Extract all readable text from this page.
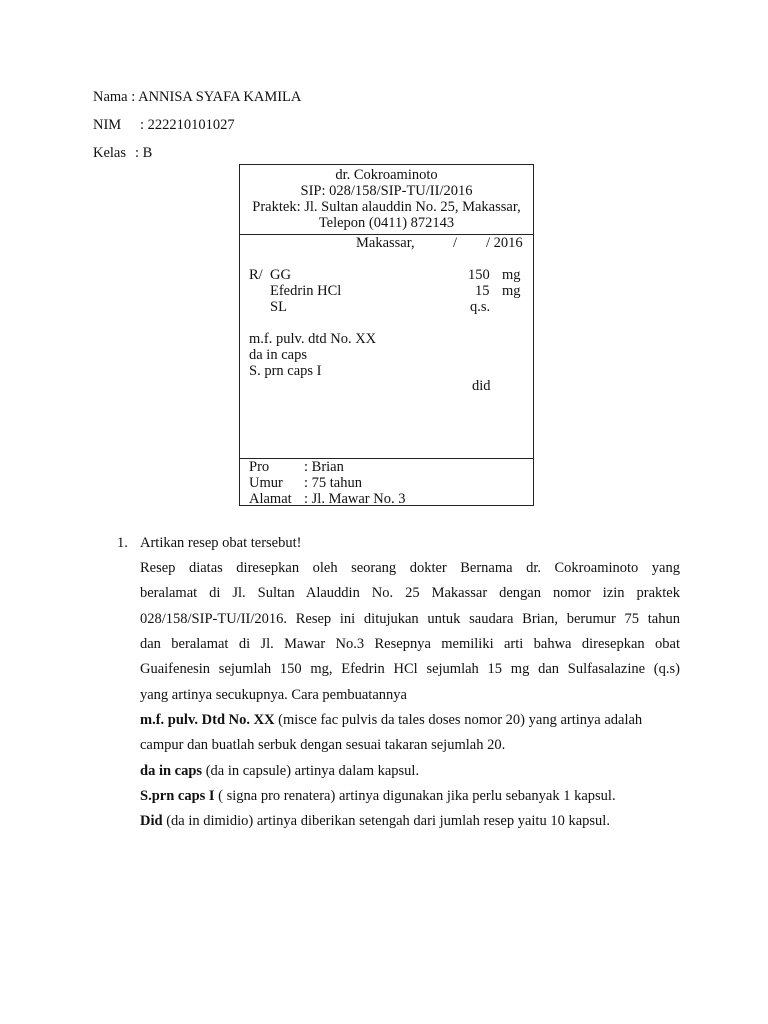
Nama : ANNISA SYAFA KAMILA
NIM : 222210101027
Kelas : B
dr. Cokroaminoto
SIP: 028/158/SIP-TU/II/2016
Praktek: Jl. Sultan alauddin No. 25, Makassar,
Telepon (0411) 872143
Makassar,	/ / 2016
R/ GG	150 mg
Efedrin HCl	15 mg
SL	q.s.
m.f. pulv. dtd No. XX
da in caps
S. prn caps I
did
Pro : Brian
Umur : 75 tahun
Alamat : Jl. Mawar No. 3
1. Artikan resep obat tersebut!
Resep diatas diresepkan oleh seorang dokter Bernama dr. Cokroaminoto yang
beralamat di Jl. Sultan Alauddin No. 25 Makassar dengan nomor izin praktek
028/158/SIP-TU/II/2016. Resep ini ditujukan untuk saudara Brian, berumur 75 tahun
dan beralamat di Jl. Mawar No.3 Resepnya memiliki arti bahwa diresepkan obat
Guaifenesin sejumlah 150 mg, Efedrin HCl sejumlah 15 mg dan Sulfasalazine (q.s)
yang artinya secukupnya. Cara pembuatannya
m.f. pulv. Dtd No. XX (misce fac pulvis da tales doses nomor 20) yang artinya adalah
campur dan buatlah serbuk dengan sesuai takaran sejumlah 20.
da in caps (da in capsule) artinya dalam kapsul.
S.prn caps I ( signa pro renatera) artinya digunakan jika perlu sebanyak 1 kapsul.
Did (da in dimidio) artinya diberikan setengah dari jumlah resep yaitu 10 kapsul.
